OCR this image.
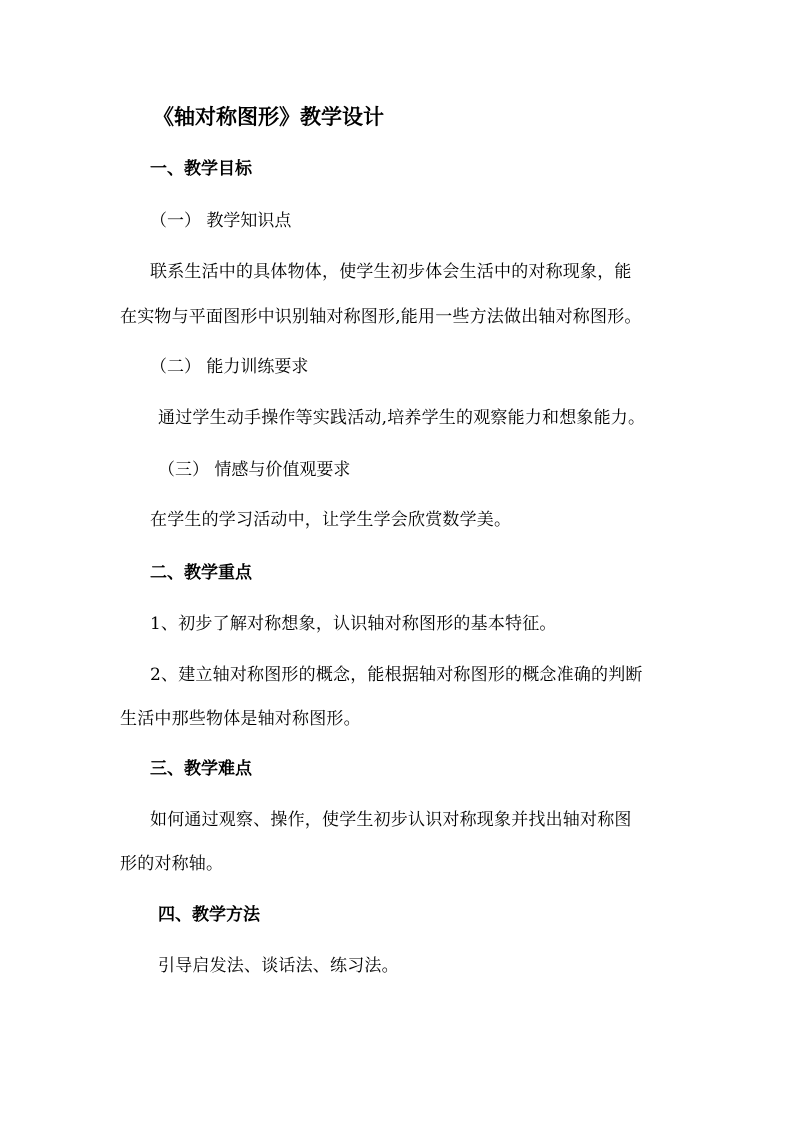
《轴对称图形》教学设计
一、教学目标
（一） 教学知识点
联系生活中的具体物体，使学生初步体会生活中的对称现象，能
在实物与平面图形中识别轴对称图形,能用一些方法做出轴对称图形。
（二） 能力训练要求
通过学生动手操作等实践活动,培养学生的观察能力和想象能力。
（三） 情感与价值观要求
在学生的学习活动中，让学生学会欣赏数学美。
二、教学重点
1、初步了解对称想象，认识轴对称图形的基本特征。
2、建立轴对称图形的概念，能根据轴对称图形的概念准确的判断
生活中那些物体是轴对称图形。
三、教学难点
如何通过观察、操作，使学生初步认识对称现象并找出轴对称图
形的对称轴。
四、教学方法
引导启发法、谈话法、练习法。
